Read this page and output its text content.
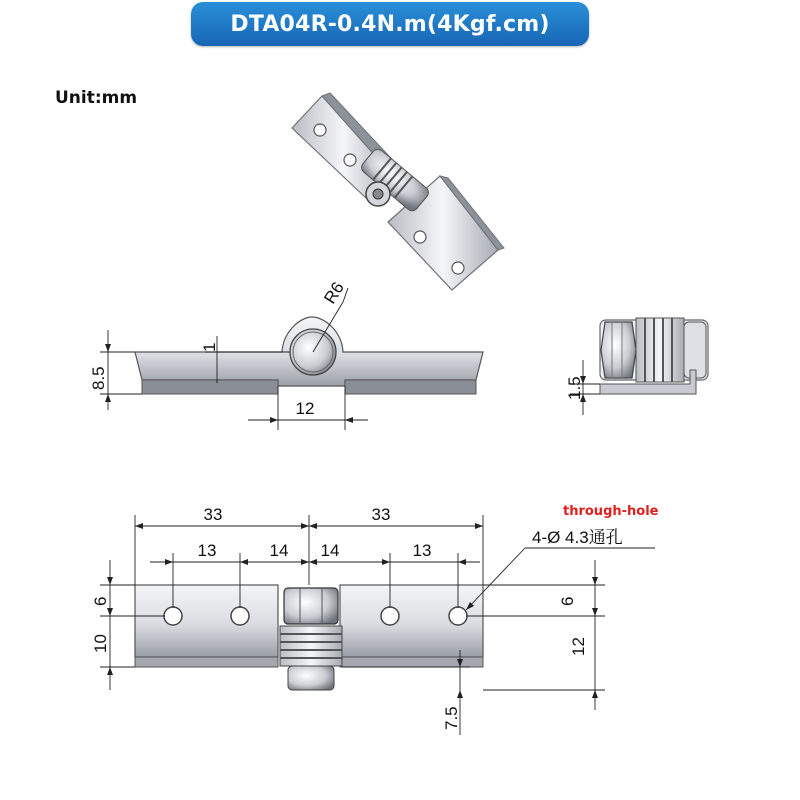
DTA04R-0.4N.m(4Kgf.cm)
Unit:mm
8.5
1
R6
12
1.5
33	33
13	14 14	13
6
10
6
12
7.5
4-Ø 4.3通孔
through-hole
